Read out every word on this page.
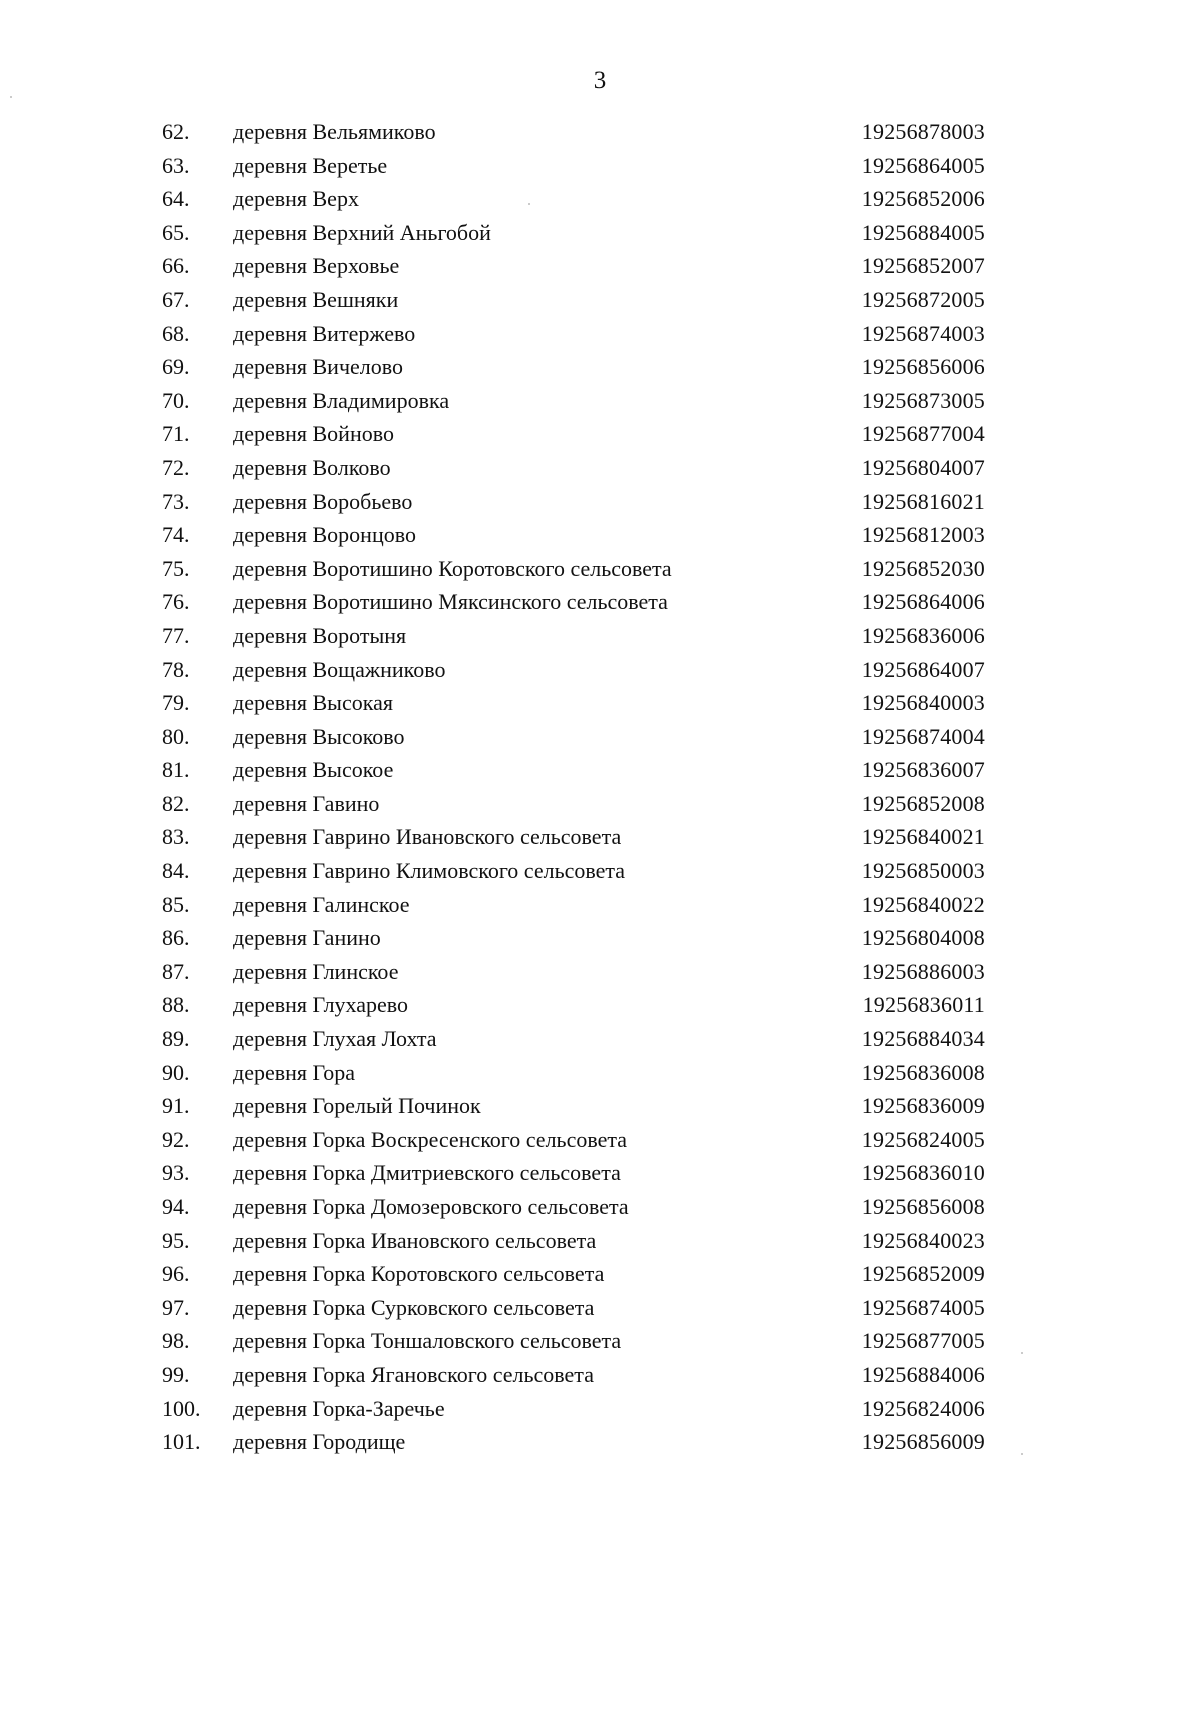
3
62. деревня Вельямиково	19256878003
63. деревня Веретье	19256864005
64. деревня Верх	19256852006
65. деревня Верхний Аньгобой	19256884005
66. деревня Верховье	19256852007
67. деревня Вешняки	19256872005
68. деревня Витержево	19256874003
69. деревня Вичелово	19256856006
70. деревня Владимировка	19256873005
71. деревня Войново	19256877004
72. деревня Волково	19256804007
73. деревня Воробьево	19256816021
74. деревня Воронцово	19256812003
75. деревня Воротишино Коротовского сельсовета	19256852030
76. деревня Воротишино Мяксинского сельсовета	19256864006
77. деревня Воротыня	19256836006
78. деревня Вощажниково	19256864007
79. деревня Высокая	19256840003
80. деревня Высоково	19256874004
81. деревня Высокое	19256836007
82. деревня Гавино	19256852008
83. деревня Гаврино Ивановского сельсовета	19256840021
84. деревня Гаврино Климовского сельсовета	19256850003
85. деревня Галинское	19256840022
86. деревня Ганино	19256804008
87. деревня Глинское	19256886003
88. деревня Глухарево	19256836011
89. деревня Глухая Лохта	19256884034
90. деревня Гора	19256836008
91. деревня Горелый Починок	19256836009
92. деревня Горка Воскресенского сельсовета	19256824005
93. деревня Горка Дмитриевского сельсовета	19256836010
94. деревня Горка Домозеровского сельсовета	19256856008
95. деревня Горка Ивановского сельсовета	19256840023
96. деревня Горка Коротовского сельсовета	19256852009
97. деревня Горка Сурковского сельсовета	19256874005
98. деревня Горка Тоншаловского сельсовета	19256877005
99. деревня Горка Ягановского сельсовета	19256884006
100. деревня Горка-Заречье	19256824006
101. деревня Городище	19256856009
